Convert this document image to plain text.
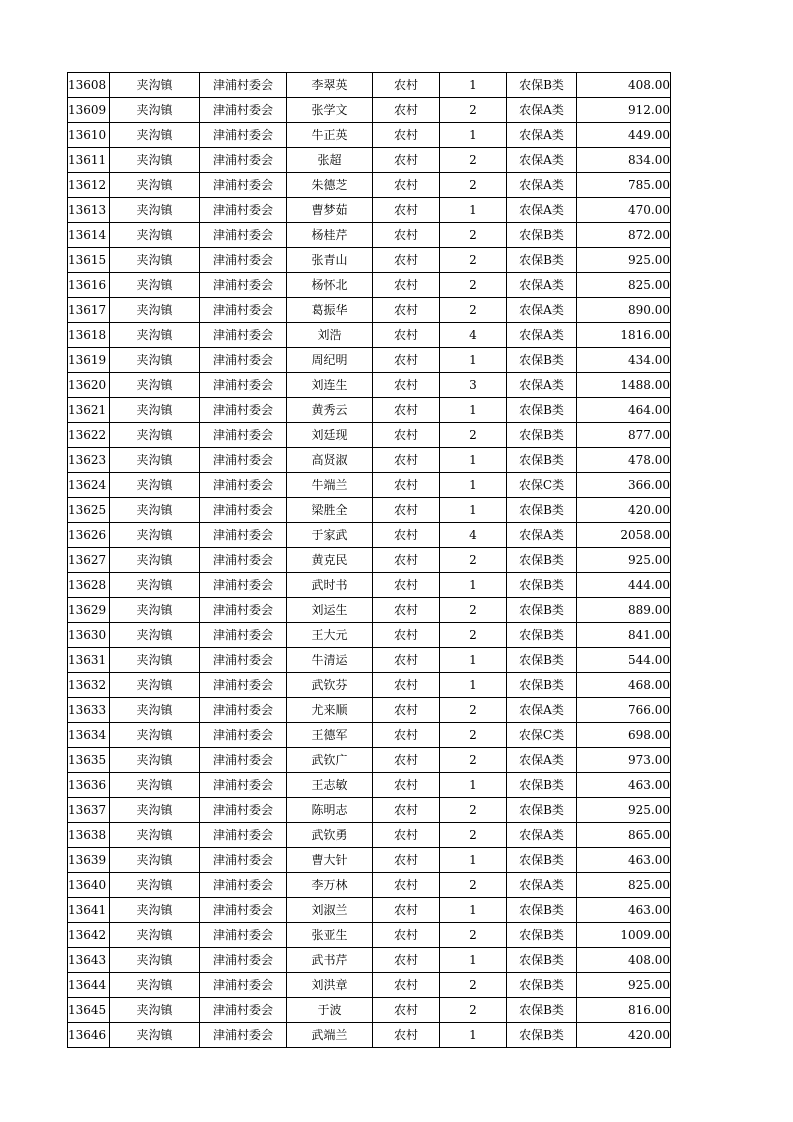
13608	夹沟镇	津浦村委会	李翠英	农村	1	农保B类	408.00
13609	夹沟镇	津浦村委会	张学文	农村	2	农保A类	912.00
13610	夹沟镇	津浦村委会	牛正英	农村	1	农保A类	449.00
13611	夹沟镇	津浦村委会	张超	农村	2	农保A类	834.00
13612	夹沟镇	津浦村委会	朱德芝	农村	2	农保A类	785.00
13613	夹沟镇	津浦村委会	曹梦茹	农村	1	农保A类	470.00
13614	夹沟镇	津浦村委会	杨桂芹	农村	2	农保B类	872.00
13615	夹沟镇	津浦村委会	张青山	农村	2	农保B类	925.00
13616	夹沟镇	津浦村委会	杨怀北	农村	2	农保A类	825.00
13617	夹沟镇	津浦村委会	葛振华	农村	2	农保A类	890.00
13618	夹沟镇	津浦村委会	刘浩	农村	4	农保A类	1816.00
13619	夹沟镇	津浦村委会	周纪明	农村	1	农保B类	434.00
13620	夹沟镇	津浦村委会	刘连生	农村	3	农保A类	1488.00
13621	夹沟镇	津浦村委会	黄秀云	农村	1	农保B类	464.00
13622	夹沟镇	津浦村委会	刘廷现	农村	2	农保B类	877.00
13623	夹沟镇	津浦村委会	高贤淑	农村	1	农保B类	478.00
13624	夹沟镇	津浦村委会	牛端兰	农村	1	农保C类	366.00
13625	夹沟镇	津浦村委会	梁胜全	农村	1	农保B类	420.00
13626	夹沟镇	津浦村委会	于家武	农村	4	农保A类	2058.00
13627	夹沟镇	津浦村委会	黄克民	农村	2	农保B类	925.00
13628	夹沟镇	津浦村委会	武时书	农村	1	农保B类	444.00
13629	夹沟镇	津浦村委会	刘运生	农村	2	农保B类	889.00
13630	夹沟镇	津浦村委会	王大元	农村	2	农保B类	841.00
13631	夹沟镇	津浦村委会	牛清运	农村	1	农保B类	544.00
13632	夹沟镇	津浦村委会	武钦芬	农村	1	农保B类	468.00
13633	夹沟镇	津浦村委会	尤来顺	农村	2	农保A类	766.00
13634	夹沟镇	津浦村委会	王德军	农村	2	农保C类	698.00
13635	夹沟镇	津浦村委会	武钦广	农村	2	农保A类	973.00
13636	夹沟镇	津浦村委会	王志敏	农村	1	农保B类	463.00
13637	夹沟镇	津浦村委会	陈明志	农村	2	农保B类	925.00
13638	夹沟镇	津浦村委会	武钦勇	农村	2	农保A类	865.00
13639	夹沟镇	津浦村委会	曹大针	农村	1	农保B类	463.00
13640	夹沟镇	津浦村委会	李万林	农村	2	农保A类	825.00
13641	夹沟镇	津浦村委会	刘淑兰	农村	1	农保B类	463.00
13642	夹沟镇	津浦村委会	张亚生	农村	2	农保B类	1009.00
13643	夹沟镇	津浦村委会	武书芹	农村	1	农保B类	408.00
13644	夹沟镇	津浦村委会	刘洪章	农村	2	农保B类	925.00
13645	夹沟镇	津浦村委会	于波	农村	2	农保B类	816.00
13646	夹沟镇	津浦村委会	武端兰	农村	1	农保B类	420.00
